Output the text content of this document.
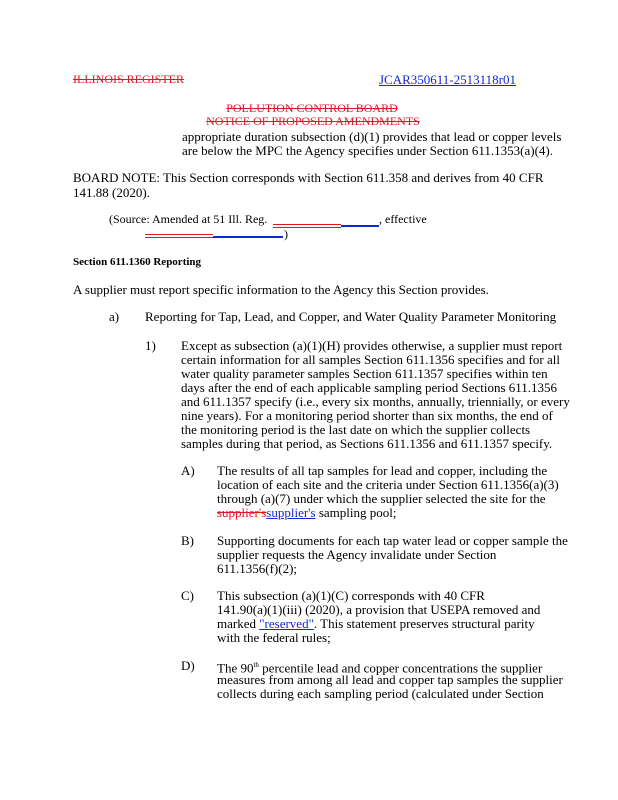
ILLINOIS REGISTER	JCAR350611-2513118r01
POLLUTION CONTROL BOARD
NOTICE OF PROPOSED AMENDMENTS
appropriate duration subsection (d)(1) provides that lead or copper levels
are below the MPC the Agency specifies under Section 611.1353(a)(4).
BOARD NOTE: This Section corresponds with Section 611.358 and derives from 40 CFR
141.88 (2020).
(Source: Amended at 51 Ill. Reg.	, effective
)
Section 611.1360 Reporting
A supplier must report specific information to the Agency this Section provides.
a) Reporting for Tap, Lead, and Copper, and Water Quality Parameter Monitoring
1) Except as subsection (a)(1)(H) provides otherwise, a supplier must report
certain information for all samples Section 611.1356 specifies and for all
water quality parameter samples Section 611.1357 specifies within ten
days after the end of each applicable sampling period Sections 611.1356
and 611.1357 specify (i.e., every six months, annually, triennially, or every
nine years). For a monitoring period shorter than six months, the end of
the monitoring period is the last date on which the supplier collects
samples during that period, as Sections 611.1356 and 611.1357 specify.
A) The results of all tap samples for lead and copper, including the
location of each site and the criteria under Section 611.1356(a)(3)
through (a)(7) under which the supplier selected the site for the
supplier'ssupplier's sampling pool;
B) Supporting documents for each tap water lead or copper sample the
supplier requests the Agency invalidate under Section
611.1356(f)(2);
C) This subsection (a)(1)(C) corresponds with 40 CFR
141.90(a)(1)(iii) (2020), a provision that USEPA removed and
marked "reserved". This statement preserves structural parity
with the federal rules;
D) The 90th percentile lead and copper concentrations the supplier
measures from among all lead and copper tap samples the supplier
collects during each sampling period (calculated under Section
